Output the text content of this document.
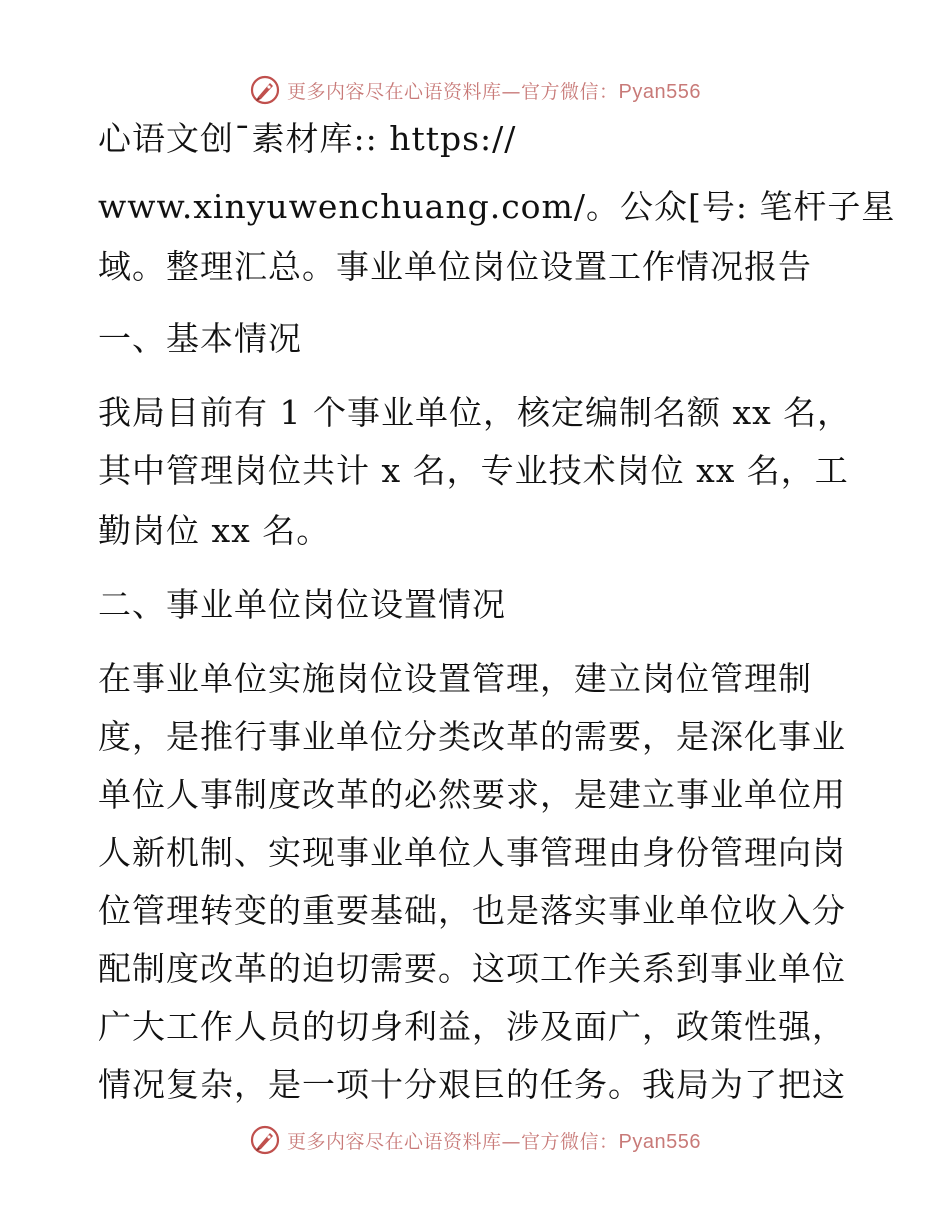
更多内容尽在心语资料库—官方微信：Pyan556
心语文创¯素材库:: https://
www.xinyuwenchuang.com/。公众[号: 笔杆子星
域。整理汇总。事业单位岗位设置工作情况报告
一、基本情况
我局目前有 1 个事业单位，核定编制名额 xx 名，
其中管理岗位共计 x 名，专业技术岗位 xx 名，工
勤岗位 xx 名。
二、事业单位岗位设置情况
在事业单位实施岗位设置管理，建立岗位管理制
度，是推行事业单位分类改革的需要，是深化事业
单位人事制度改革的必然要求，是建立事业单位用
人新机制、实现事业单位人事管理由身份管理向岗
位管理转变的重要基础，也是落实事业单位收入分
配制度改革的迫切需要。这项工作关系到事业单位
广大工作人员的切身利益，涉及面广，政策性强，
情况复杂，是一项十分艰巨的任务。我局为了把这
更多内容尽在心语资料库—官方微信：Pyan556
